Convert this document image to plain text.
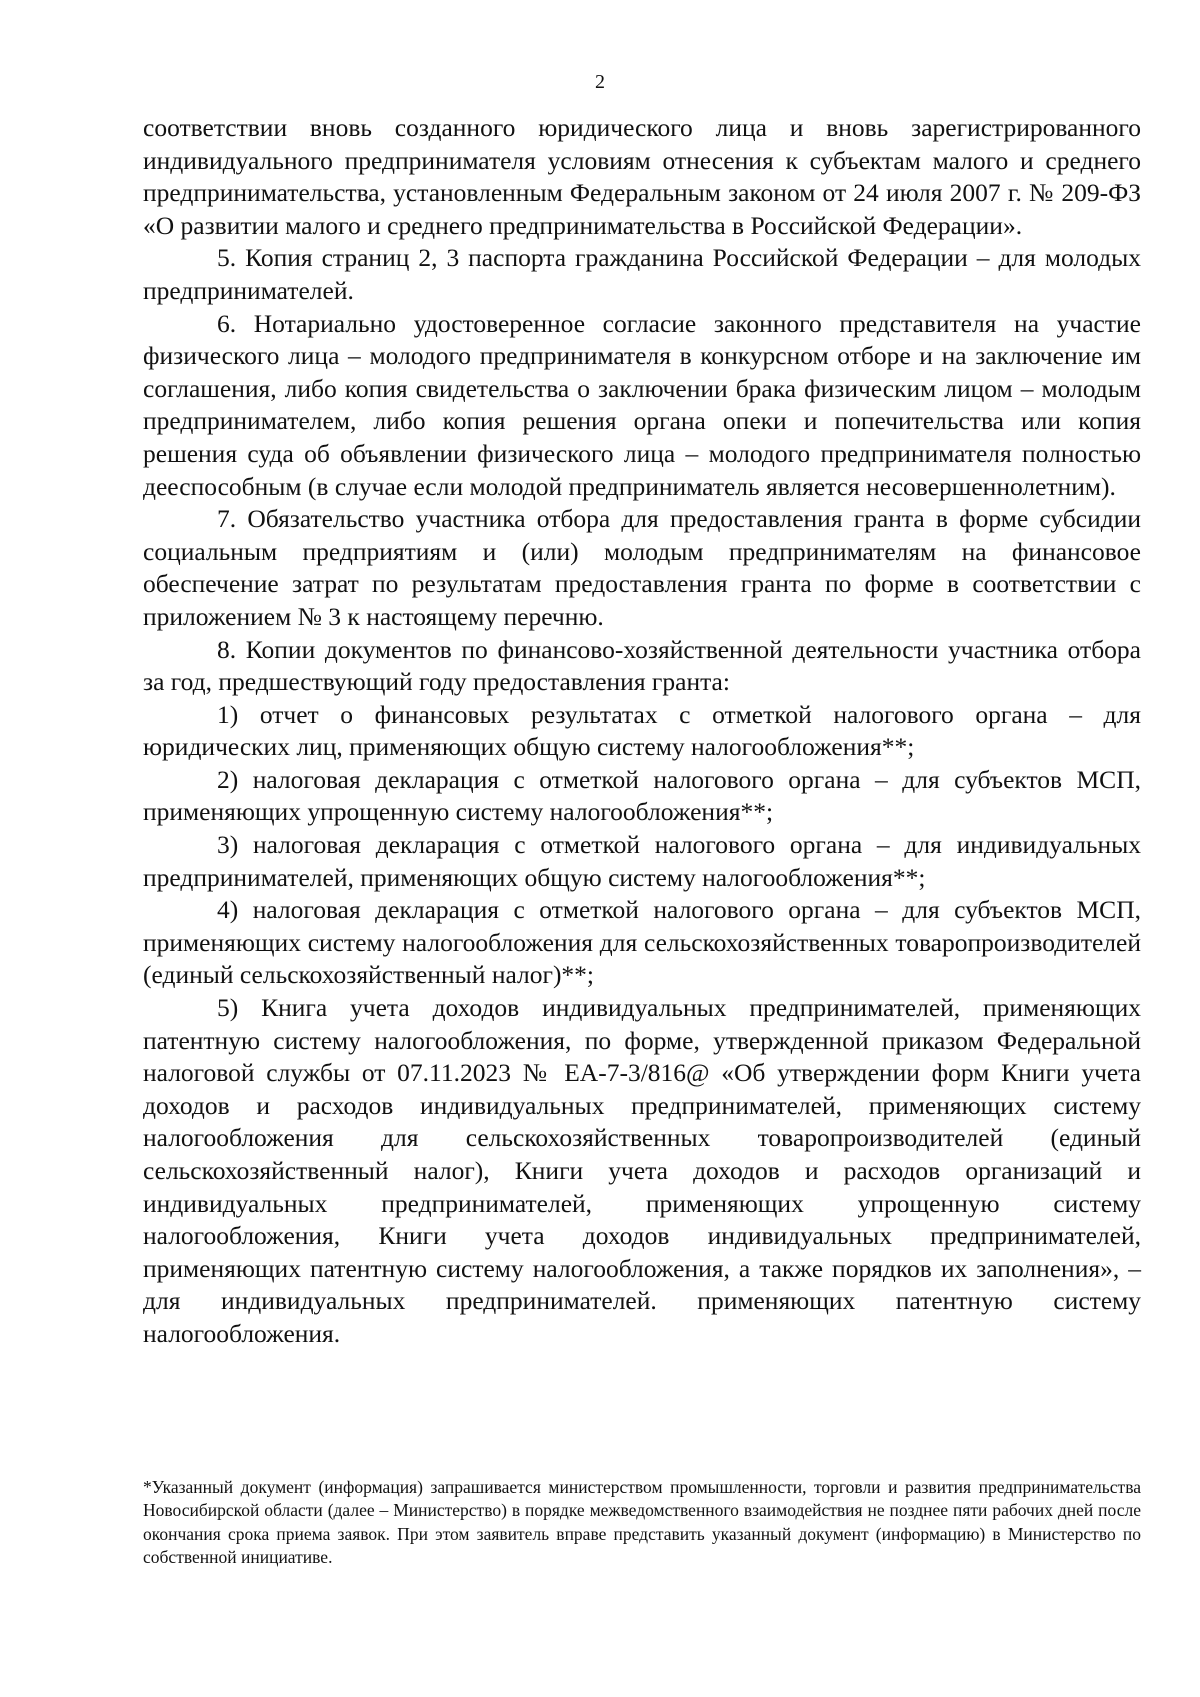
2

соответствии вновь созданного юридического лица и вновь зарегистрированного индивидуального предпринимателя условиям отнесения к субъектам малого и среднего предпринимательства, установленным Федеральным законом от 24 июля 2007 г. № 209-ФЗ «О развитии малого и среднего предпринимательства в Российской Федерации».

5. Копия страниц 2, 3 паспорта гражданина Российской Федерации – для молодых предпринимателей.

6. Нотариально удостоверенное согласие законного представителя на участие физического лица – молодого предпринимателя в конкурсном отборе и на заключение им соглашения, либо копия свидетельства о заключении брака физическим лицом – молодым предпринимателем, либо копия решения органа опеки и попечительства или копия решения суда об объявлении физического лица – молодого предпринимателя полностью дееспособным (в случае если молодой предприниматель является несовершеннолетним).

7. Обязательство участника отбора для предоставления гранта в форме субсидии социальным предприятиям и (или) молодым предпринимателям на финансовое обеспечение затрат по результатам предоставления гранта по форме в соответствии с приложением № 3 к настоящему перечню.

8. Копии документов по финансово-хозяйственной деятельности участника отбора за год, предшествующий году предоставления гранта:

1) отчет о финансовых результатах с отметкой налогового органа – для юридических лиц, применяющих общую систему налогообложения**;

2) налоговая декларация с отметкой налогового органа – для субъектов МСП, применяющих упрощенную систему налогообложения**;

3) налоговая декларация с отметкой налогового органа – для индивидуальных предпринимателей, применяющих общую систему налогообложения**;

4) налоговая декларация с отметкой налогового органа – для субъектов МСП, применяющих систему налогообложения для сельскохозяйственных товаропроизводителей (единый сельскохозяйственный налог)**;

5) Книга учета доходов индивидуальных предпринимателей, применяющих патентную систему налогообложения, по форме, утвержденной приказом Федеральной налоговой службы от 07.11.2023 № ЕА-7-3/816@ «Об утверждении форм Книги учета доходов и расходов индивидуальных предпринимателей, применяющих систему налогообложения для сельскохозяйственных товаропроизводителей (единый сельскохозяйственный налог), Книги учета доходов и расходов организаций и индивидуальных предпринимателей, применяющих упрощенную систему налогообложения, Книги учета доходов индивидуальных предпринимателей, применяющих патентную систему налогообложения, а также порядков их заполнения», – для индивидуальных предпринимателей. применяющих патентную систему налогообложения.

*Указанный документ (информация) запрашивается министерством промышленности, торговли и развития предпринимательства Новосибирской области (далее – Министерство) в порядке межведомственного взаимодействия не позднее пяти рабочих дней после окончания срока приема заявок. При этом заявитель вправе представить указанный документ (информацию) в Министерство по собственной инициативе.
